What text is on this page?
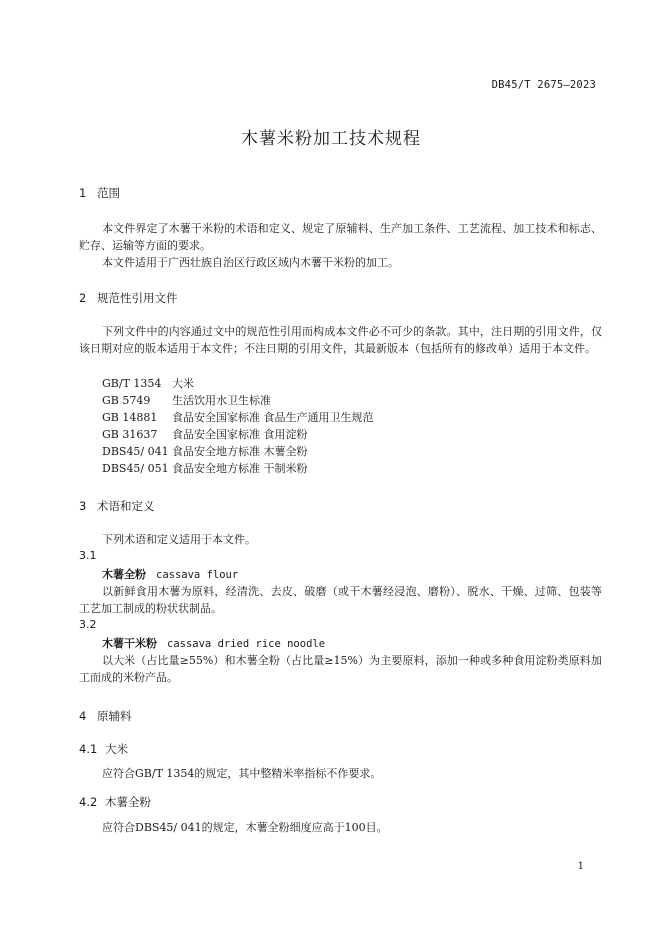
DB45/T 2675—2023
木薯米粉加工技术规程
1 范围
本文件界定了木薯干米粉的术语和定义、规定了原辅料、生产加工条件、工艺流程、加工技术和标志、贮存、运输等方面的要求。
本文件适用于广西壮族自治区行政区域内木薯干米粉的加工。
2 规范性引用文件
下列文件中的内容通过文中的规范性引用而构成本文件必不可少的条款。其中，注日期的引用文件，仅该日期对应的版本适用于本文件；不注日期的引用文件，其最新版本（包括所有的修改单）适用于本文件。
GB/T 1354 大米
GB 5749 生活饮用水卫生标准
GB 14881 食品安全国家标准 食品生产通用卫生规范
GB 31637 食品安全国家标准 食用淀粉
DBS45/ 041 食品安全地方标准 木薯全粉
DBS45/ 051 食品安全地方标准 干制米粉
3 术语和定义
下列术语和定义适用于本文件。
3.1
木薯全粉 cassava flour
以新鲜食用木薯为原料，经清洗、去皮、破磨（或干木薯经浸泡、磨粉）、脱水、干燥、过筛、包装等工艺加工制成的粉状状制品。
3.2
木薯干米粉 cassava dried rice noodle
以大米（占比量≥55%）和木薯全粉（占比量≥15%）为主要原料，添加一种或多种食用淀粉类原料加工而成的米粉产品。
4 原辅料
4.1 大米
应符合GB/T 1354的规定，其中整精米率指标不作要求。
4.2 木薯全粉
应符合DBS45/ 041的规定，木薯全粉细度应高于100目。
1
